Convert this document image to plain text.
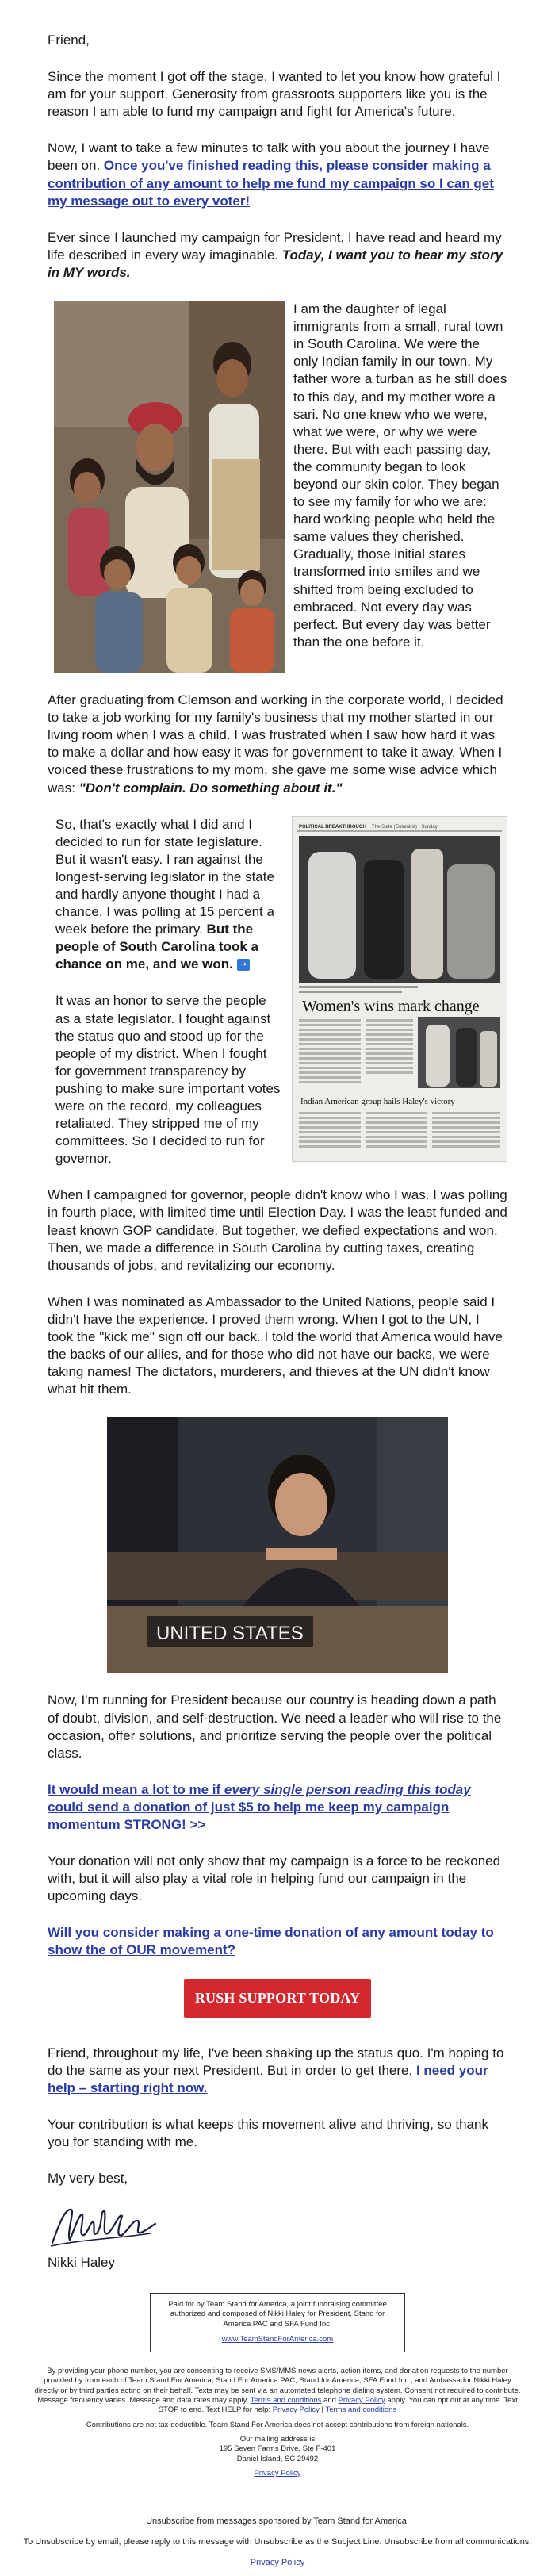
Friend,

Since the moment I got off the stage, I wanted to let you know how grateful I am for your support. Generosity from grassroots supporters like you is the reason I am able to fund my campaign and fight for America's future.

Now, I want to take a few minutes to talk with you about the journey I have been on. Once you've finished reading this, please consider making a contribution of any amount to help me fund my campaign so I can get my message out to every voter!

Ever since I launched my campaign for President, I have read and heard my life described in every way imaginable. Today, I want you to hear my story in MY words.

I am the daughter of legal immigrants from a small, rural town in South Carolina. We were the only Indian family in our town. My father wore a turban as he still does to this day, and my mother wore a sari. No one knew who we were, what we were, or why we were there. But with each passing day, the community began to look beyond our skin color. They began to see my family for who we are: hard working people who held the same values they cherished. Gradually, those initial stares transformed into smiles and we shifted from being excluded to embraced. Not every day was perfect. But every day was better than the one before it.

After graduating from Clemson and working in the corporate world, I decided to take a job working for my family's business that my mother started in our living room when I was a child. I was frustrated when I saw how hard it was to make a dollar and how easy it was for government to take it away. When I voiced these frustrations to my mom, she gave me some wise advice which was: "Don't complain. Do something about it."

POLITICAL BREAKTHROUGH The State (Columbia) · Sunday
Women's wins mark change
Indian American group hails Haley's victory

So, that's exactly what I did and I decided to run for state legislature. But it wasn't easy. I ran against the longest-serving legislator in the state and hardly anyone thought I had a chance. I was polling at 15 percent a week before the primary. But the people of South Carolina took a chance on me, and we won. ➞

It was an honor to serve the people as a state legislator. I fought against the status quo and stood up for the people of my district. When I fought for government transparency by pushing to make sure important votes were on the record, my colleagues retaliated. They stripped me of my committees. So I decided to run for governor.

When I campaigned for governor, people didn't know who I was. I was polling in fourth place, with limited time until Election Day. I was the least funded and least known GOP candidate. But together, we defied expectations and won. Then, we made a difference in South Carolina by cutting taxes, creating thousands of jobs, and revitalizing our economy.

When I was nominated as Ambassador to the United Nations, people said I didn't have the experience. I proved them wrong. When I got to the UN, I took the "kick me" sign off our back. I told the world that America would have the backs of our allies, and for those who did not have our backs, we were taking names! The dictators, murderers, and thieves at the UN didn't know what hit them.

UNITED STATES

Now, I'm running for President because our country is heading down a path of doubt, division, and self-destruction. We need a leader who will rise to the occasion, offer solutions, and prioritize serving the people over the political class.

It would mean a lot to me if every single person reading this today could send a donation of just $5 to help me keep my campaign momentum STRONG! >>

Your donation will not only show that my campaign is a force to be reckoned with, but it will also play a vital role in helping fund our campaign in the upcoming days.

Will you consider making a one-time donation of any amount today to show the of OUR movement?

RUSH SUPPORT TODAY

Friend, throughout my life, I've been shaking up the status quo. I'm hoping to do the same as your next President. But in order to get there, I need your help – starting right now.

Your contribution is what keeps this movement alive and thriving, so thank you for standing with me.

My very best,

Nikki Haley

Paid for by Team Stand for America, a joint fundraising committee authorized and composed of Nikki Haley for President, Stand for America PAC and SFA Fund Inc.
www.TeamStandForAmerica.com

By providing your phone number, you are consenting to receive SMS/MMS news alerts, action items, and donation requests to the number provided by from each of Team Stand For America, Stand For America PAC, Stand for America, SFA Fund Inc., and Ambassador Nikki Haley directly or by third parties acting on their behalf. Texts may be sent via an automated telephone dialing system. Consent not required to contribute. Message frequency varies. Message and data rates may apply. Terms and conditions and Privacy Policy apply. You can opt out at any time. Text STOP to end. Text HELP for help: Privacy Policy | Terms and conditions

Contributions are not tax-deductible. Team Stand For America does not accept contributions from foreign nationals.

Our mailing address is

195 Seven Farms Drive, Ste F-401

Daniel Island, SC 29492

Privacy Policy

Unsubscribe from messages sponsored by Team Stand for America.

To Unsubscribe by email, please reply to this message with Unsubscribe as the Subject Line. Unsubscribe from all communications.

Privacy Policy
